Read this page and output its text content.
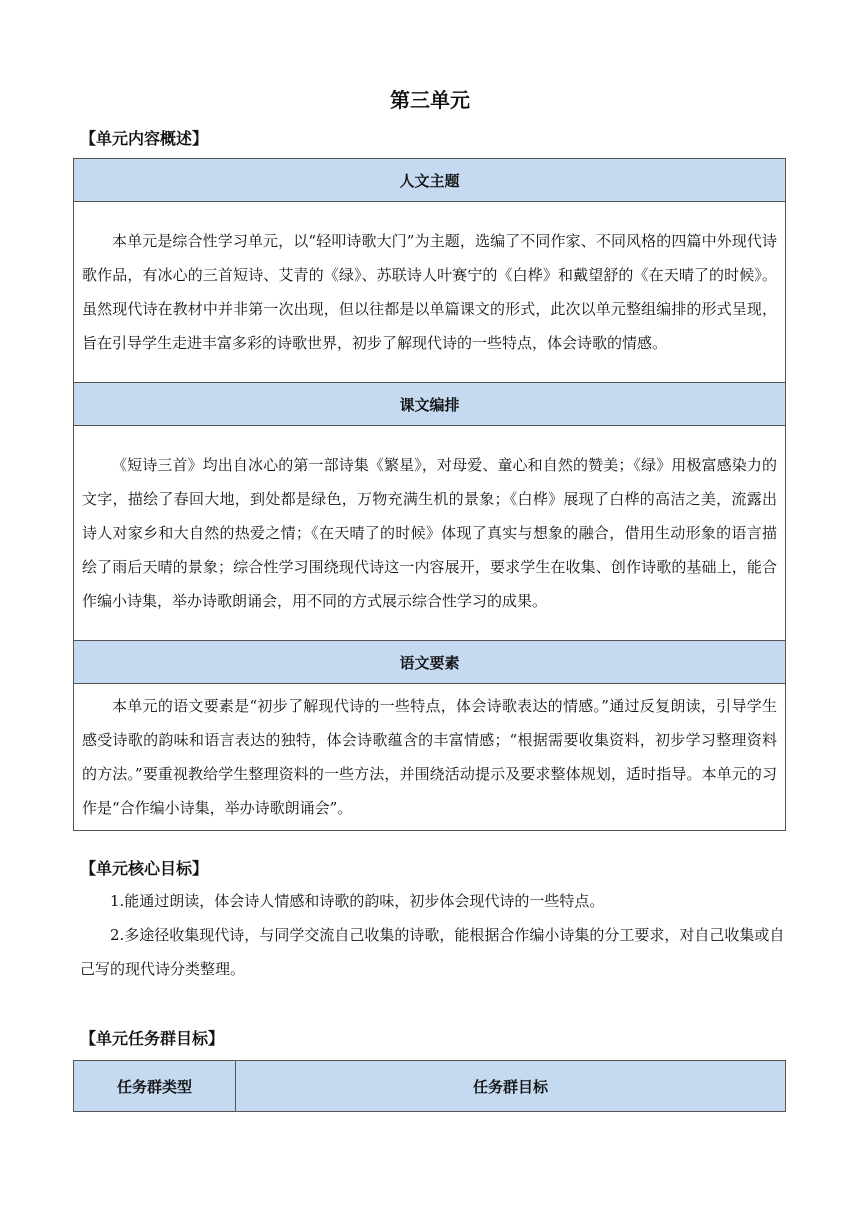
第三单元
【单元内容概述】
人文主题
本单元是综合性学习单元，以“轻叩诗歌大门”为主题，选编了不同作家、不同风格的四篇中外现代诗歌作品，有冰心的三首短诗、艾青的《绿》、苏联诗人叶赛宁的《白桦》和戴望舒的《在天晴了的时候》。虽然现代诗在教材中并非第一次出现，但以往都是以单篇课文的形式，此次以单元整组编排的形式呈现，旨在引导学生走进丰富多彩的诗歌世界，初步了解现代诗的一些特点，体会诗歌的情感。
课文编排
《短诗三首》均出自冰心的第一部诗集《繁星》，对母爱、童心和自然的赞美；《绿》用极富感染力的文字，描绘了春回大地，到处都是绿色，万物充满生机的景象；《白桦》展现了白桦的高洁之美，流露出诗人对家乡和大自然的热爱之情；《在天晴了的时候》体现了真实与想象的融合，借用生动形象的语言描绘了雨后天晴的景象；综合性学习围绕现代诗这一内容展开，要求学生在收集、创作诗歌的基础上，能合作编小诗集，举办诗歌朗诵会，用不同的方式展示综合性学习的成果。
语文要素
本单元的语文要素是“初步了解现代诗的一些特点，体会诗歌表达的情感。”通过反复朗读，引导学生感受诗歌的韵味和语言表达的独特，体会诗歌蕴含的丰富情感；“根据需要收集资料，初步学习整理资料的方法。”要重视教给学生整理资料的一些方法，并围绕活动提示及要求整体规划，适时指导。本单元的习作是“合作编小诗集，举办诗歌朗诵会”。
【单元核心目标】
1.能通过朗读，体会诗人情感和诗歌的韵味，初步体会现代诗的一些特点。
2.多途径收集现代诗，与同学交流自己收集的诗歌，能根据合作编小诗集的分工要求，对自己收集或自己写的现代诗分类整理。
【单元任务群目标】
任务群类型	任务群目标
